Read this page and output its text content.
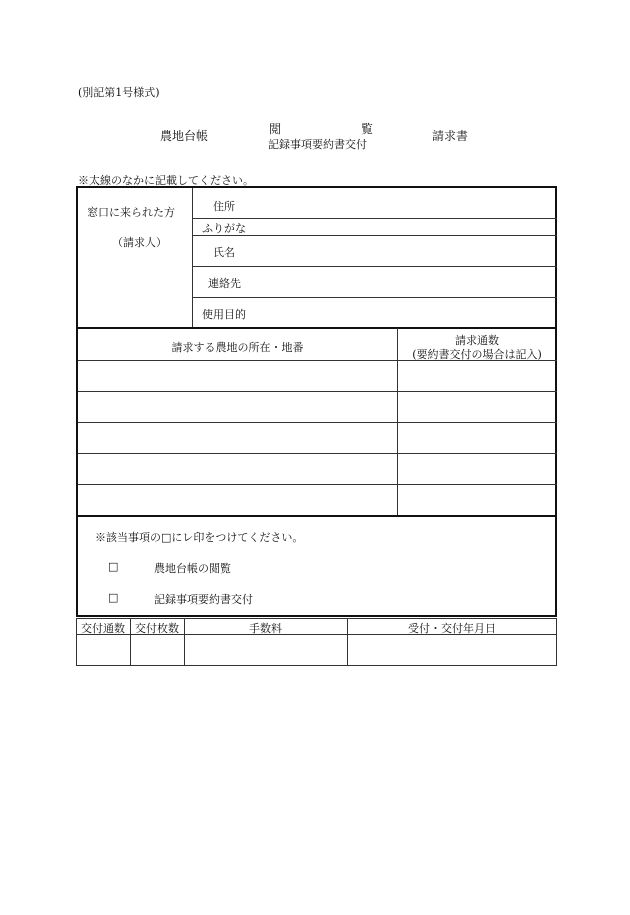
(別記第1号様式)
農地台帳	閲	覧
記録事項要約書交付
請求書
※太線のなかに記載してください。
窓口に来られた方
（請求人）
住所
ふりがな
氏名
連絡先
使用目的
請求する農地の所在・地番
請求通数
(要約書交付の場合は記入)
※該当事項の□にレ印をつけてください。
□	農地台帳の閲覧
□	記録事項要約書交付
交付通数 交付枚数	手数料	受付・交付年月日
